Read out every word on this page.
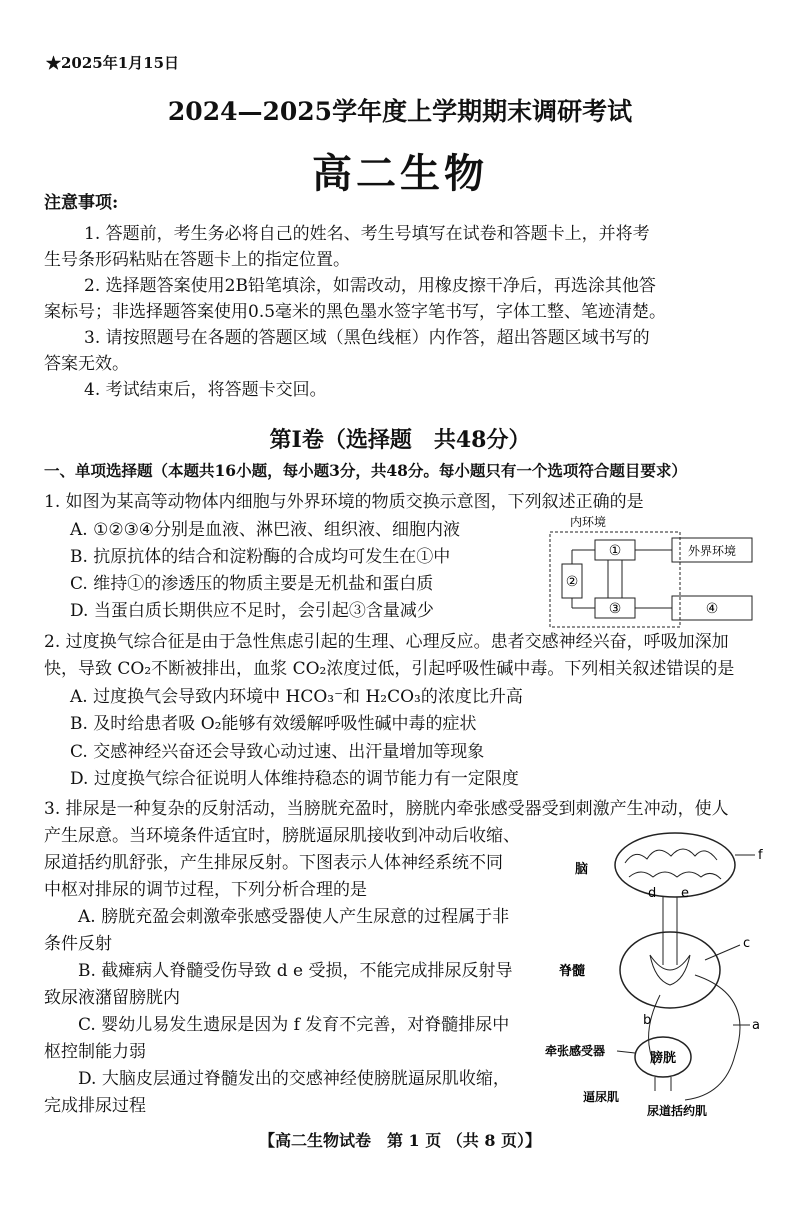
★2025年1月15日
2024—2025学年度上学期期末调研考试
高二生物
注意事项:
1. 答题前，考生务必将自己的姓名、考生号填写在试卷和答题卡上，并将考
生号条形码粘贴在答题卡上的指定位置。
2. 选择题答案使用2B铅笔填涂，如需改动，用橡皮擦干净后，再选涂其他答
案标号；非选择题答案使用0.5毫米的黑色墨水签字笔书写，字体工整、笔迹清楚。
3. 请按照题号在各题的答题区域（黑色线框）内作答，超出答题区域书写的
答案无效。
4. 考试结束后，将答题卡交回。
第Ⅰ卷（选择题　共48分）
一、单项选择题（本题共16小题，每小题3分，共48分。每小题只有一个选项符合题目要求）
1. 如图为某高等动物体内细胞与外界环境的物质交换示意图，下列叙述正确的是
A. ①②③④分别是血液、淋巴液、组织液、细胞内液
B. 抗原抗体的结合和淀粉酶的合成均可发生在①中
C. 维持①的渗透压的物质主要是无机盐和蛋白质
D. 当蛋白质长期供应不足时，会引起③含量减少
内环境
①
②
③
外界环境
④
2. 过度换气综合征是由于急性焦虑引起的生理、心理反应。患者交感神经兴奋，呼吸加深加
快，导致 CO₂不断被排出，血浆 CO₂浓度过低，引起呼吸性碱中毒。下列相关叙述错误的是
A. 过度换气会导致内环境中 HCO₃⁻和 H₂CO₃的浓度比升高
B. 及时给患者吸 O₂能够有效缓解呼吸性碱中毒的症状
C. 交感神经兴奋还会导致心动过速、出汗量增加等现象
D. 过度换气综合征说明人体维持稳态的调节能力有一定限度
3. 排尿是一种复杂的反射活动，当膀胱充盈时，膀胱内牵张感受器受到刺激产生冲动，使人
产生尿意。当环境条件适宜时，膀胱逼尿肌接收到冲动后收缩、
尿道括约肌舒张，产生排尿反射。下图表示人体神经系统不同
中枢对排尿的调节过程，下列分析合理的是
A. 膀胱充盈会刺激牵张感受器使人产生尿意的过程属于非
条件反射
B. 截瘫病人脊髓受伤导致 d e 受损，不能完成排尿反射导
致尿液潴留膀胱内
C. 婴幼儿易发生遗尿是因为 f 发育不完善，对脊髓排尿中
枢控制能力弱
D. 大脑皮层通过脊髓发出的交感神经使膀胱逼尿肌收缩，
完成排尿过程
脑
f
d e
脊髓
c
b	a
膀胱
牵张感受器
逼尿肌
尿道括约肌
【高二生物试卷　第 1 页 （共 8 页）】
